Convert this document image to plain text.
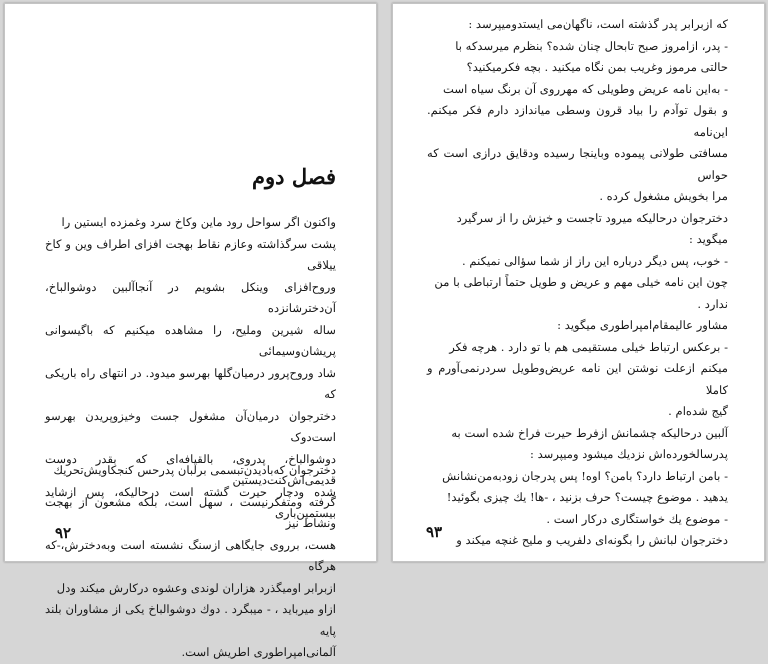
فصل دوم

واکنون اگر سواحل رود ماین وکاخ سرد وغمزده ایستین را

پشت سرگذاشته وعازم نقاط بهجت افزای اطراف وین و کاخ ییلاقی

وروح‌افزای وینکل بشویم در آنجاآلبین دوشوالباخ، آن‌دخترشانزده

ساله شیرین وملیح، را مشاهده میکنیم که باگیسوانی پریشان‌وسیمائی

شاد وروح‌پرور درمیان‌گلها بهرسو میدود. در انتهای راه باریکی که

دخترجوان درمیان‌آن مشغول جست وخیزوپریدن بهرسو است‌دوک

دوشوالباخ، پدروی، بالقیافه‌ای که بقدر دوست قدیمی‌اش‌کنت‌دیستین

گرفته ومتفکرنیست ، سهل است، بلکه مشعون از بهجت ونشاط نیز

هست، برروی جایگاهی ازسنگ نشسته است وبه‌دخترش،-که هرگاه

ازبرابر اومیگذرد هزاران لوندی وعشوه درکارش میکند ودل

ازاو میرباید ، - میبگرد . دوك دوشوالباخ یکی از مشاوران بلند پایه

آلمانی‌امپراطوری اطریش است.

دخترجوان که‌بادیدن‌تبسمی برلبان پدرحس کنجکاویش‌تحریك

شده ودچار حیرت گشته است درحالیکه، پس ازشاید بیستمین‌باری

۹۲

که ازبرابر پدر گذشته است، ناگهان‌می ایستدومیپرسد :

- پدر، ازامروز صبح تابحال چنان شده؟ بنظرم میرسدکه با

حالتی مرموز وغریب بمن نگاه میکنید . بچه فکرمیکنید؟

- به‌این نامه عریض وطویلی که مهرروی آن برنگ سیاه است

و بقول توآدم را بیاد قرون وسطی میاندازد دارم فکر میکنم. این‌نامه

مسافتی طولانی پیموده وباینجا رسیده ودقایق درازی است که حواس

مرا بخویش مشغول کرده .

دخترجوان درحالیکه میرود تاجست و خیزش را از سرگیرد

میگوید :

- خوب، پس دیگر درباره این راز از شما سؤالی نمیکنم .

چون این نامه خیلی مهم و عریض و طویل حتماً ارتباطی با من

ندارد .

مشاور عالیمقام‌امپراطوری میگوید :

- برعکس ارتباط خیلی مستقیمی هم با تو دارد . هرچه فکر

میکنم ازعلت نوشتن این نامه عریض‌وطویل سردرنمی‌آورم و کاملا

گیج شده‌ام .

آلبین درحالیکه چشمانش ازفرط حیرت فراخ شده است به

پدرسالخورده‌اش نزدیك میشود ومیپرسد :

- بامن ارتباط دارد؟ بامن؟ اوه! پس پدرجان زودبه‌من‌نشانش

یدهید . موضوع چیست؟ حرف بزنید ، -ها! یك چیزی بگوئید!

- موضوع یك خواستگاری درکار است .

دخترجوان لبانش را بگونه‌ای دلفریب و ملیح غنچه میکند و

۹۳
